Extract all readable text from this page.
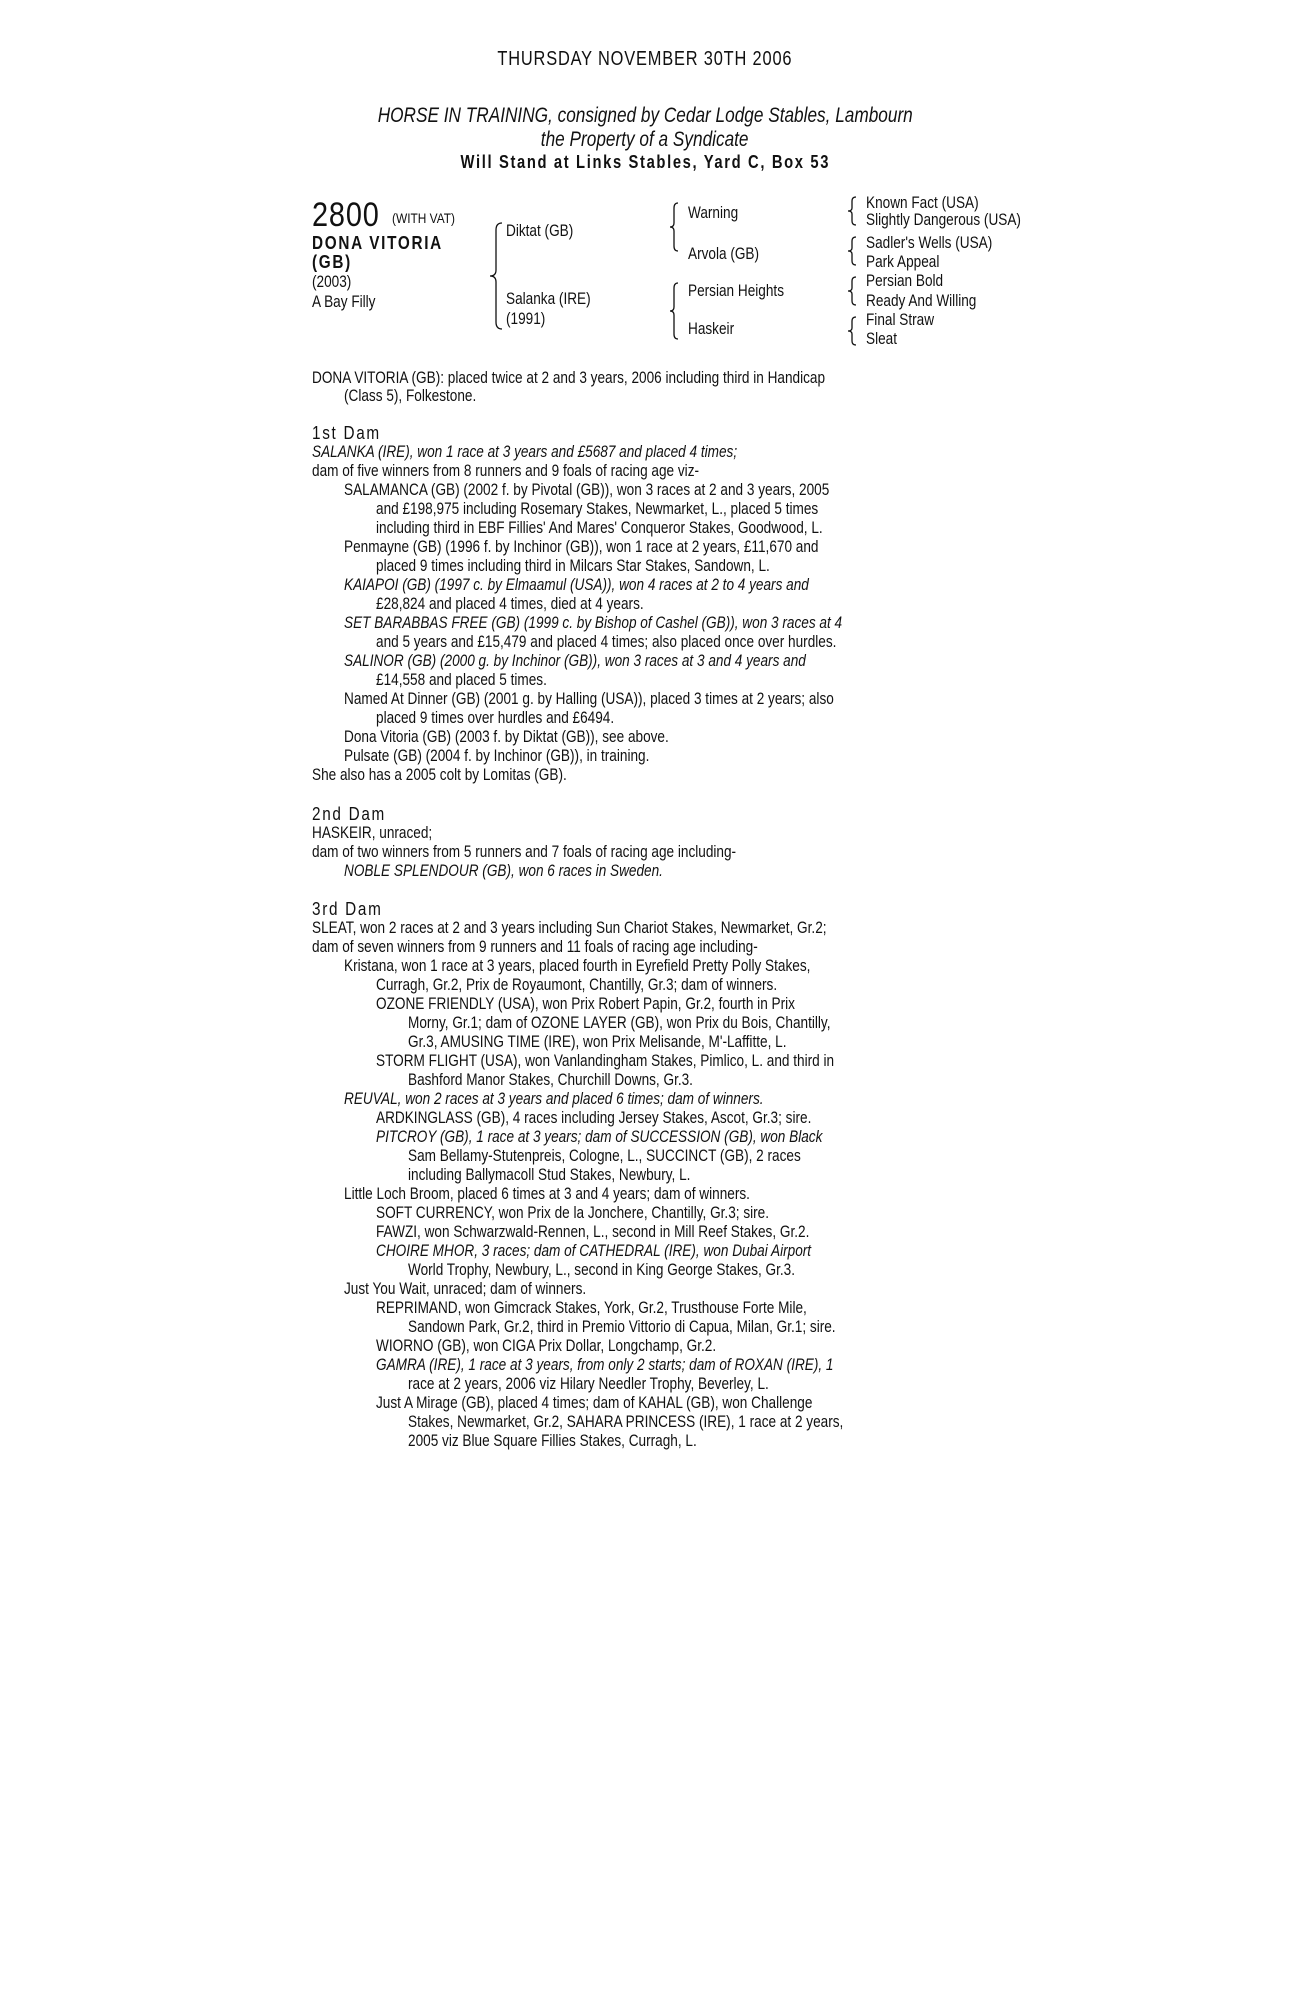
THURSDAY NOVEMBER 30TH 2006
HORSE IN TRAINING, consigned by Cedar Lodge Stables, Lambourn
the Property of a Syndicate
Will Stand at Links Stables, Yard C, Box 53
2800 (WITH VAT)
DONA VITORIA
(GB)
(2003)
A Bay Filly
Diktat (GB)
Salanka (IRE)
(1991)
Warning
Arvola (GB)
Persian Heights
Haskeir
Known Fact (USA)
Slightly Dangerous (USA)
Sadler's Wells (USA)
Park Appeal
Persian Bold
Ready And Willing
Final Straw
Sleat
DONA VITORIA (GB): placed twice at 2 and 3 years, 2006 including third in Handicap
(Class 5), Folkestone.
1st Dam
SALANKA (IRE), won 1 race at 3 years and £5687 and placed 4 times;
dam of five winners from 8 runners and 9 foals of racing age viz-
SALAMANCA (GB) (2002 f. by Pivotal (GB)), won 3 races at 2 and 3 years, 2005
and £198,975 including Rosemary Stakes, Newmarket, L., placed 5 times
including third in EBF Fillies' And Mares' Conqueror Stakes, Goodwood, L.
Penmayne (GB) (1996 f. by Inchinor (GB)), won 1 race at 2 years, £11,670 and
placed 9 times including third in Milcars Star Stakes, Sandown, L.
KAIAPOI (GB) (1997 c. by Elmaamul (USA)), won 4 races at 2 to 4 years and
£28,824 and placed 4 times, died at 4 years.
SET BARABBAS FREE (GB) (1999 c. by Bishop of Cashel (GB)), won 3 races at 4
and 5 years and £15,479 and placed 4 times; also placed once over hurdles.
SALINOR (GB) (2000 g. by Inchinor (GB)), won 3 races at 3 and 4 years and
£14,558 and placed 5 times.
Named At Dinner (GB) (2001 g. by Halling (USA)), placed 3 times at 2 years; also
placed 9 times over hurdles and £6494.
Dona Vitoria (GB) (2003 f. by Diktat (GB)), see above.
Pulsate (GB) (2004 f. by Inchinor (GB)), in training.
She also has a 2005 colt by Lomitas (GB).
2nd Dam
HASKEIR, unraced;
dam of two winners from 5 runners and 7 foals of racing age including-
NOBLE SPLENDOUR (GB), won 6 races in Sweden.
3rd Dam
SLEAT, won 2 races at 2 and 3 years including Sun Chariot Stakes, Newmarket, Gr.2;
dam of seven winners from 9 runners and 11 foals of racing age including-
Kristana, won 1 race at 3 years, placed fourth in Eyrefield Pretty Polly Stakes,
Curragh, Gr.2, Prix de Royaumont, Chantilly, Gr.3; dam of winners.
OZONE FRIENDLY (USA), won Prix Robert Papin, Gr.2, fourth in Prix
Morny, Gr.1; dam of OZONE LAYER (GB), won Prix du Bois, Chantilly,
Gr.3, AMUSING TIME (IRE), won Prix Melisande, M'-Laffitte, L.
STORM FLIGHT (USA), won Vanlandingham Stakes, Pimlico, L. and third in
Bashford Manor Stakes, Churchill Downs, Gr.3.
REUVAL, won 2 races at 3 years and placed 6 times; dam of winners.
ARDKINGLASS (GB), 4 races including Jersey Stakes, Ascot, Gr.3; sire.
PITCROY (GB), 1 race at 3 years; dam of SUCCESSION (GB), won Black
Sam Bellamy-Stutenpreis, Cologne, L., SUCCINCT (GB), 2 races
including Ballymacoll Stud Stakes, Newbury, L.
Little Loch Broom, placed 6 times at 3 and 4 years; dam of winners.
SOFT CURRENCY, won Prix de la Jonchere, Chantilly, Gr.3; sire.
FAWZI, won Schwarzwald-Rennen, L., second in Mill Reef Stakes, Gr.2.
CHOIRE MHOR, 3 races; dam of CATHEDRAL (IRE), won Dubai Airport
World Trophy, Newbury, L., second in King George Stakes, Gr.3.
Just You Wait, unraced; dam of winners.
REPRIMAND, won Gimcrack Stakes, York, Gr.2, Trusthouse Forte Mile,
Sandown Park, Gr.2, third in Premio Vittorio di Capua, Milan, Gr.1; sire.
WIORNO (GB), won CIGA Prix Dollar, Longchamp, Gr.2.
GAMRA (IRE), 1 race at 3 years, from only 2 starts; dam of ROXAN (IRE), 1
race at 2 years, 2006 viz Hilary Needler Trophy, Beverley, L.
Just A Mirage (GB), placed 4 times; dam of KAHAL (GB), won Challenge
Stakes, Newmarket, Gr.2, SAHARA PRINCESS (IRE), 1 race at 2 years,
2005 viz Blue Square Fillies Stakes, Curragh, L.
